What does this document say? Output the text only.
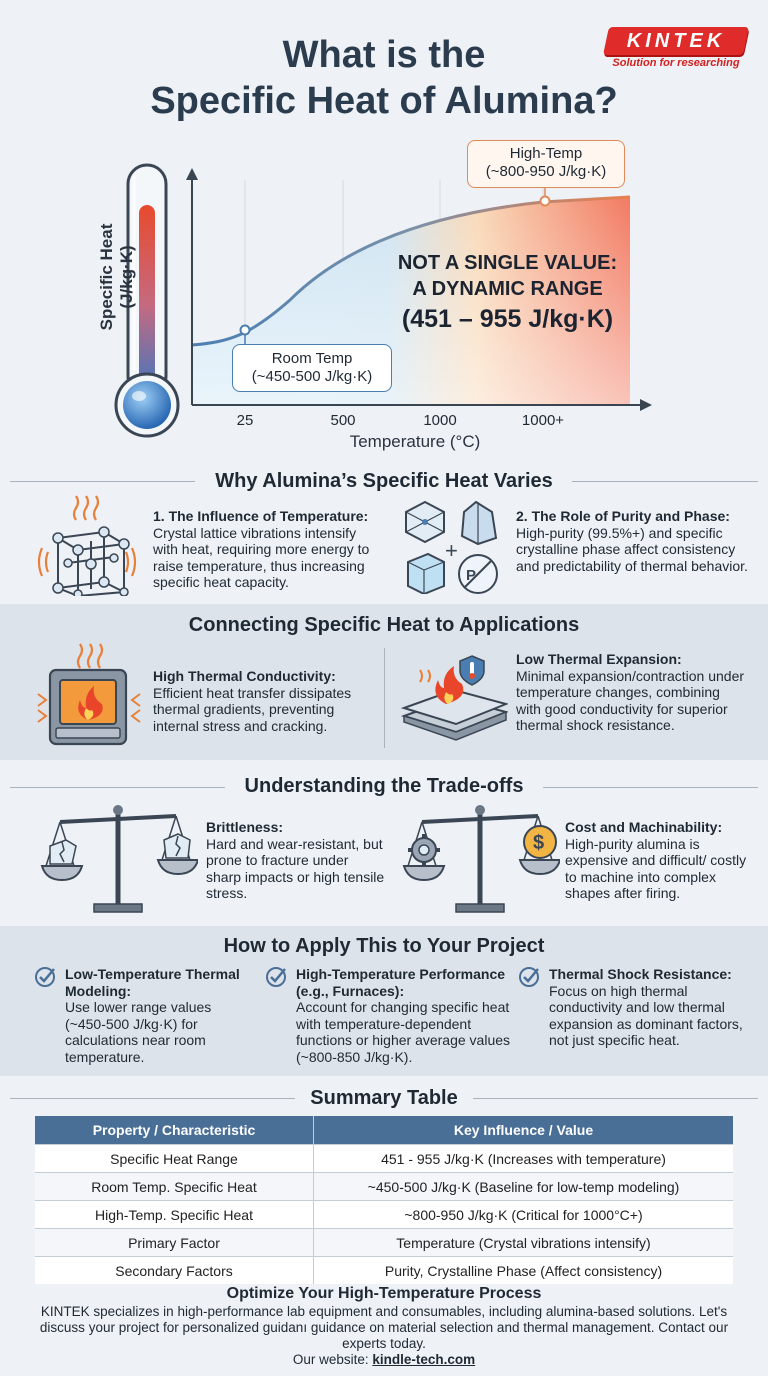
What is the
Specific Heat of Alumina?
KINTEK
Solution for researching
Specific Heat (J/kg·K)
25	500	1000	1000+
Temperature (°C)
Room Temp
(~450-500 J/kg·K)
High-Temp
(~800-950 J/kg·K)
NOT A SINGLE VALUE:
A DYNAMIC RANGE
(451 – 955 J/kg·K)
Why Alumina’s Specific Heat Varies
1. The Influence of Temperature:
Crystal lattice vibrations intensify with heat, requiring more energy to raise temperature, thus increasing specific heat capacity.
+
P
2. The Role of Purity and Phase:
High-purity (99.5%+) and specific crystalline phase affect consistency and predictability of thermal behavior.
Connecting Specific Heat to Applications
High Thermal Conductivity:
Efficient heat transfer dissipates thermal gradients, preventing internal stress and cracking.
Low Thermal Expansion:
Minimal expansion/contraction under temperature changes, combining with good conductivity for superior thermal shock resistance.
Understanding the Trade-offs
Brittleness:
Hard and wear-resistant, but prone to fracture under sharp impacts or high tensile stress.
$
Cost and Machinability:
High-purity alumina is expensive and difficult/ costly to machine into complex shapes after firing.
How to Apply This to Your Project
Low-Temperature Thermal Modeling:
Use lower range values (~450-500 J/kg·K) for calculations near room temperature.
High-Temperature Performance (e.g., Furnaces):
Account for changing specific heat with temperature-dependent functions or higher average values (~800-850 J/kg·K).
Thermal Shock Resistance:
Focus on high thermal conductivity and low thermal expansion as dominant factors, not just specific heat.
Summary Table
Property / Characteristic	Key Influence / Value
Specific Heat Range	451 - 955 J/kg·K (Increases with temperature)
Room Temp. Specific Heat	~450-500 J/kg·K (Baseline for low-temp modeling)
High-Temp. Specific Heat	~800-950 J/kg·K (Critical for 1000°C+)
Primary Factor	Temperature (Crystal vibrations intensify)
Secondary Factors	Purity, Crystalline Phase (Affect consistency)
Optimize Your High-Temperature Process
KINTEK specializes in high-performance lab equipment and consumables, including alumina-based solutions. Let's discuss your project for personalized guidanı guidance on material selection and thermal management. Contact our experts today.
Our website: kindle-tech.com
